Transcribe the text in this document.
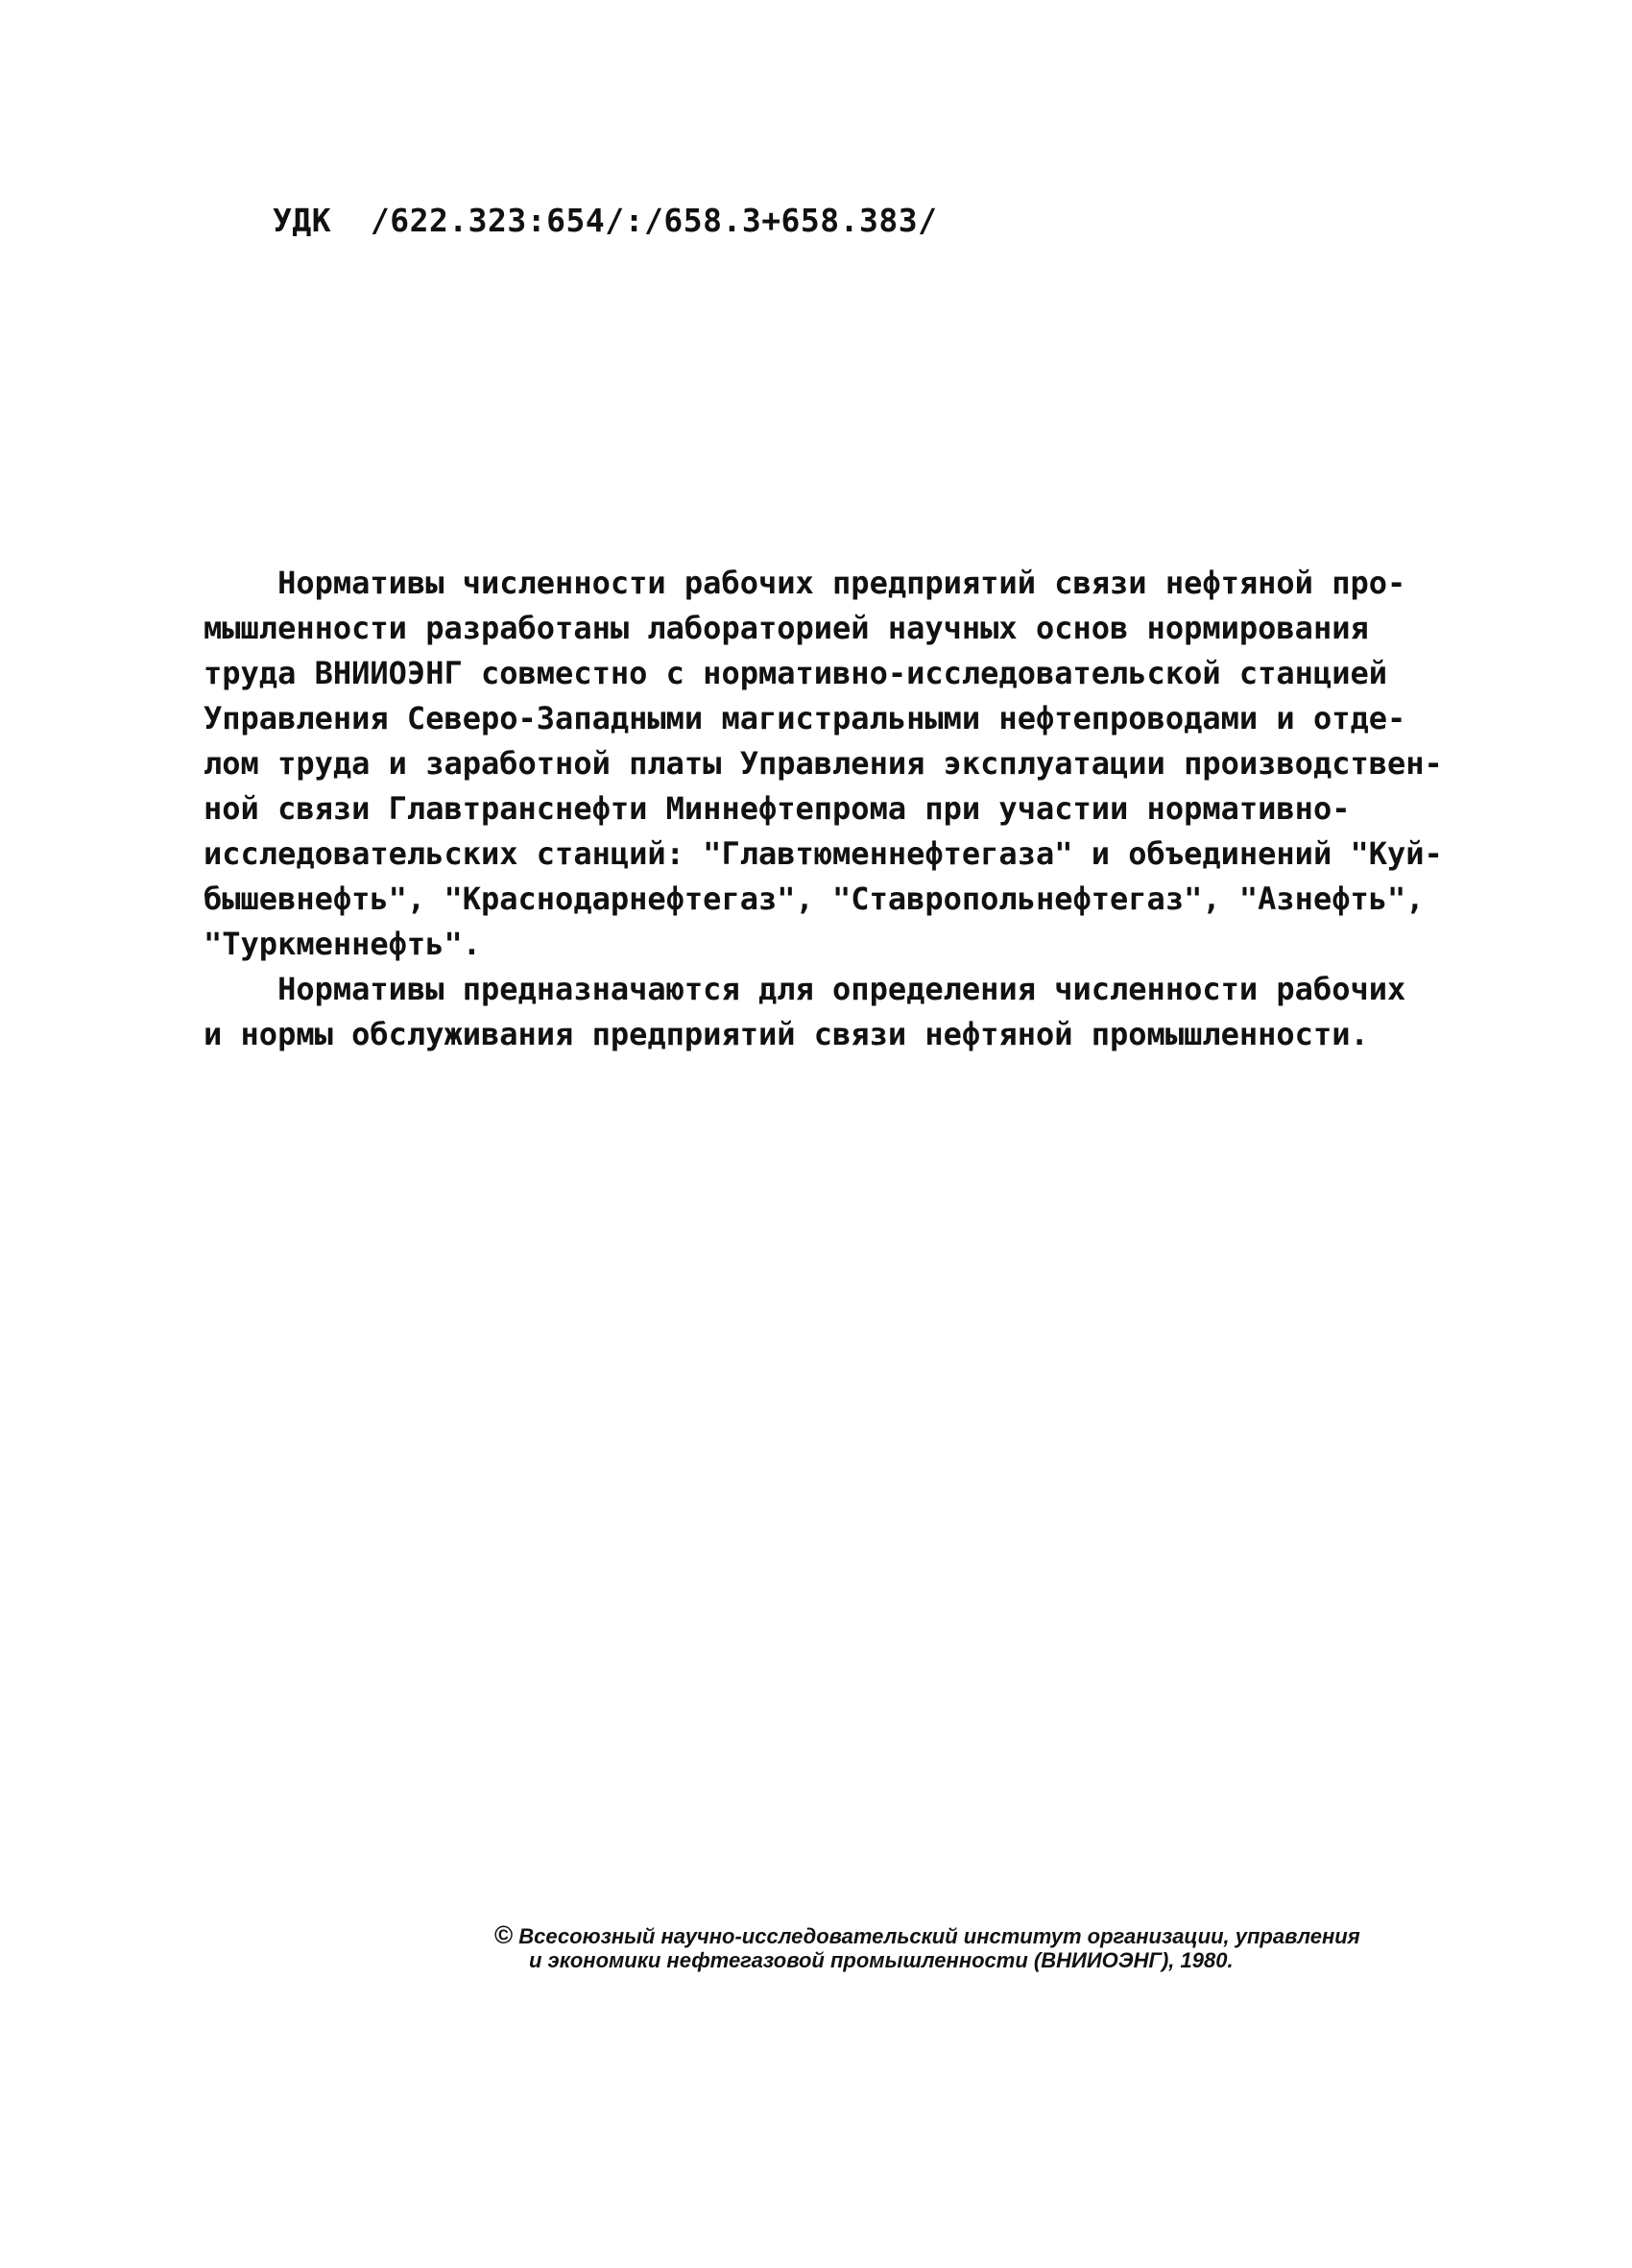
УДК  /622.323:654/:/658.3+658.383/
Нормативы численности рабочих предприятий связи нефтяной про-
мышленности разработаны лабораторией научных основ нормирования
труда ВНИИОЭНГ совместно с нормативно-исследовательской станцией
Управления Северо-Западными магистральными нефтепроводами и отде-
лом труда и заработной платы Управления эксплуатации производствен-
ной связи Главтранснефти Миннефтепрома при участии нормативно-
исследовательских станций: "Главтюменнефтегаза" и объединений "Куй-
бышевнефть", "Краснодарнефтегаз", "Ставропольнефтегаз", "Азнефть",
"Туркменнефть".
Нормативы предназначаются для определения численности рабочих
и нормы обслуживания предприятий связи нефтяной промышленности.
© Всесоюзный научно-исследовательский институт организации, управления
и экономики нефтегазовой промышленности (ВНИИОЭНГ), 1980.
